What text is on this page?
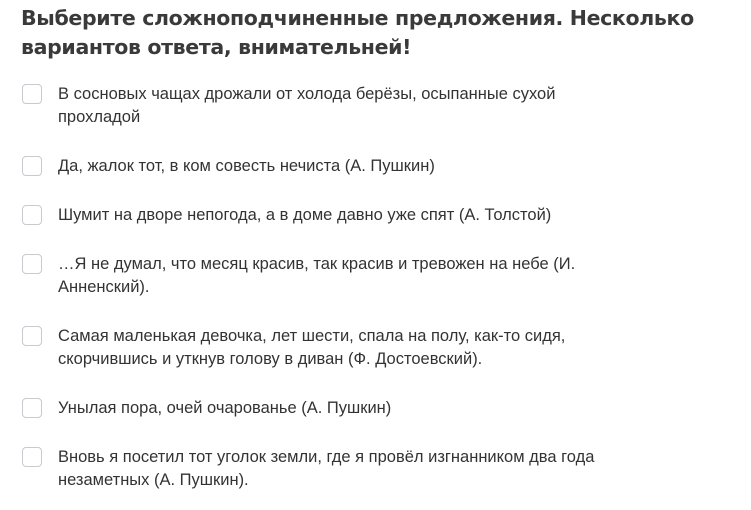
Выберите сложноподчиненные предложения. Несколько вариантов ответа, внимательней!
В сосновых чащах дрожали от холода берёзы, осыпанные сухой прохладой
Да, жалок тот, в ком совесть нечиста (А. Пушкин)
Шумит на дворе непогода, а в доме давно уже спят (А. Толстой)
…Я не думал, что месяц красив, так красив и тревожен на небе (И. Анненский).
Самая маленькая девочка, лет шести, спала на полу, как-то сидя, скорчившись и уткнув голову в диван (Ф. Достоевский).
Унылая пора, очей очарованье (А. Пушкин)
Вновь я посетил тот уголок земли, где я провёл изгнанником два года незаметных (А. Пушкин).
